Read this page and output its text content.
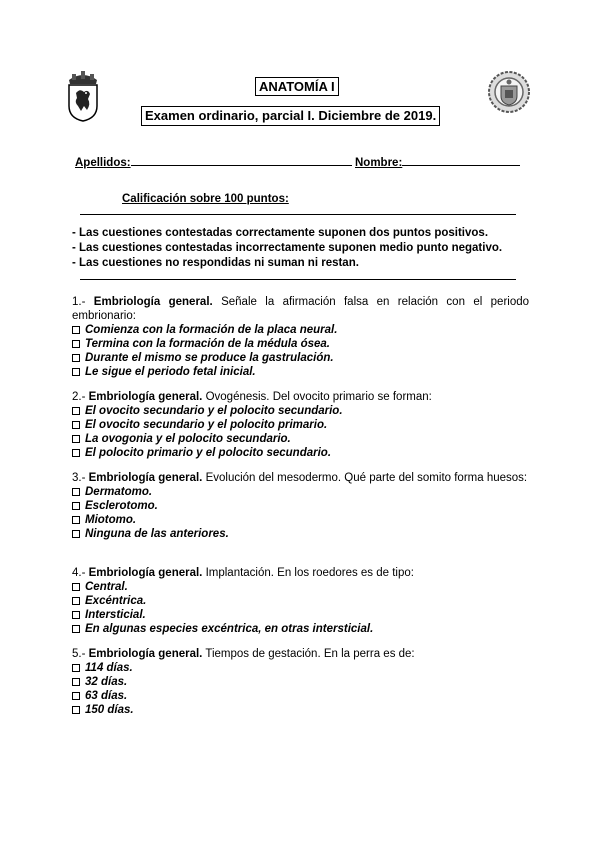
ANATOMÍA I
Examen ordinario, parcial I. Diciembre de 2019.
Apellidos:	Nombre:
Calificación sobre 100 puntos:
- Las cuestiones contestadas correctamente suponen dos puntos positivos.
- Las cuestiones contestadas incorrectamente suponen medio punto negativo.
- Las cuestiones no respondidas ni suman ni restan.
1.- Embriología general. Señale la afirmación falsa en relación con el periodo embrionario:
Comienza con la formación de la placa neural.
Termina con la formación de la médula ósea.
Durante el mismo se produce la gastrulación.
Le sigue el periodo fetal inicial.
2.- Embriología general. Ovogénesis. Del ovocito primario se forman:
El ovocito secundario y el polocito secundario.
El ovocito secundario y el polocito primario.
La ovogonia y el polocito secundario.
El polocito primario y el polocito secundario.
3.- Embriología general. Evolución del mesodermo. Qué parte del somito forma huesos:
Dermatomo.
Esclerotomo.
Miotomo.
Ninguna de las anteriores.
4.- Embriología general. Implantación. En los roedores es de tipo:
Central.
Excéntrica.
Intersticial.
En algunas especies excéntrica, en otras intersticial.
5.- Embriología general. Tiempos de gestación. En la perra es de:
114 días.
32 días.
63 días.
150 días.
